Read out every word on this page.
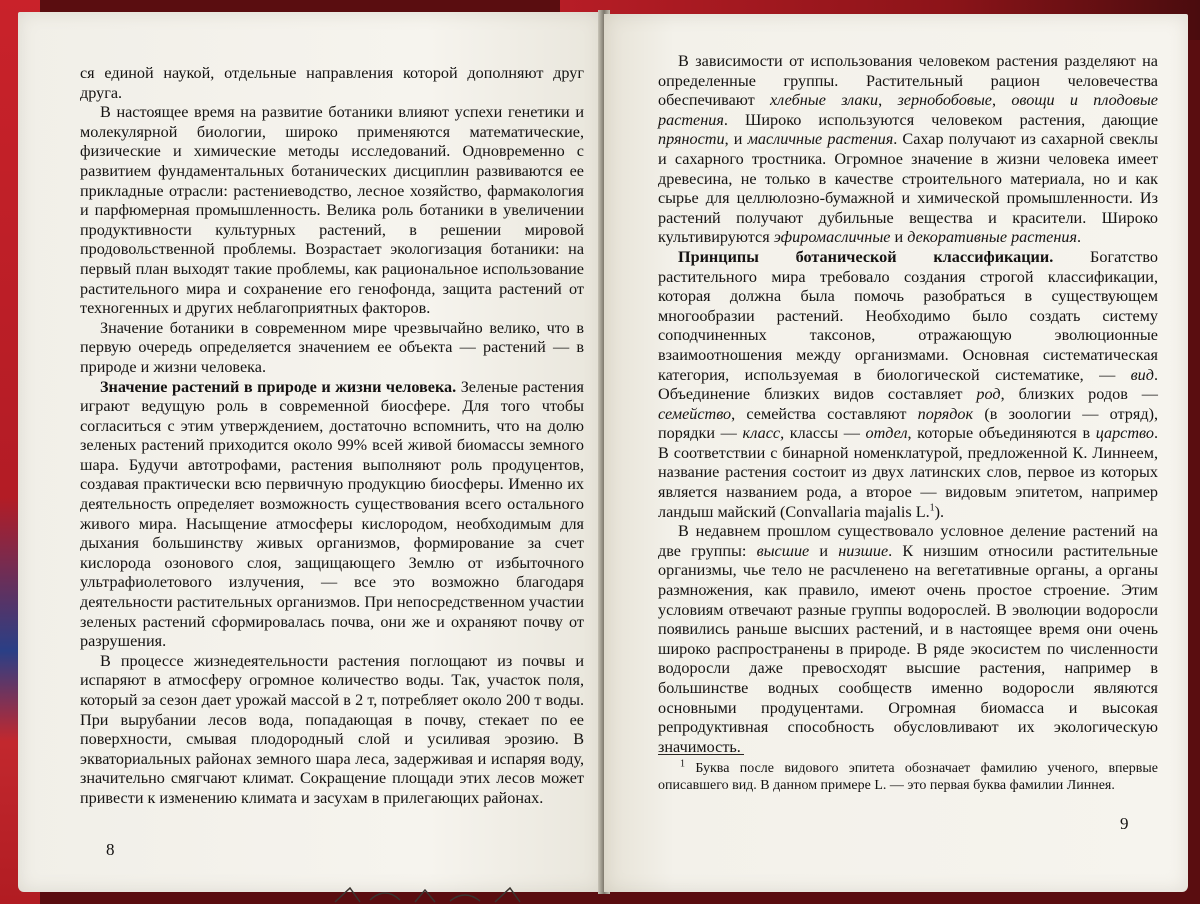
ся единой наукой, отдельные направления которой дополняют друг друга.

В настоящее время на развитие ботаники влияют успехи генетики и молекулярной биологии, широко применяются математические, физические и химические методы исследований. Одновременно с развитием фундаментальных ботанических дисциплин развиваются ее прикладные отрасли: растениеводство, лесное хозяйство, фармакология и парфюмерная промышленность. Велика роль ботаники в увеличении продуктивности культурных растений, в решении мировой продовольственной проблемы. Возрастает экологизация ботаники: на первый план выходят такие проблемы, как рациональное использование растительного мира и сохранение его генофонда, защита растений от техногенных и других неблагоприятных факторов.

Значение ботаники в современном мире чрезвычайно велико, что в первую очередь определяется значением ее объекта — растений — в природе и жизни человека.

Значение растений в природе и жизни человека. Зеленые растения играют ведущую роль в современной биосфере. Для того чтобы согласиться с этим утверждением, достаточно вспомнить, что на долю зеленых растений приходится около 99% всей живой биомассы земного шара. Будучи автотрофами, растения выполняют роль продуцентов, создавая практически всю первичную продукцию биосферы. Именно их деятельность определяет возможность существования всего остального живого мира. Насыщение атмосферы кислородом, необходимым для дыхания большинству живых организмов, формирование за счет кислорода озонового слоя, защищающего Землю от избыточного ультрафиолетового излучения, — все это возможно благодаря деятельности растительных организмов. При непосредственном участии зеленых растений сформировалась почва, они же и охраняют почву от разрушения.

В процессе жизнедеятельности растения поглощают из почвы и испаряют в атмосферу огромное количество воды. Так, участок поля, который за сезон дает урожай массой в 2 т, потребляет около 200 т воды. При вырубании лесов вода, попадающая в почву, стекает по ее поверхности, смывая плодородный слой и усиливая эрозию. В экваториальных районах земного шара леса, задерживая и испаряя воду, значительно смягчают климат. Сокращение площади этих лесов может привести к изменению климата и засухам в прилегающих районах.

8

В зависимости от использования человеком растения разделяют на определенные группы. Растительный рацион человечества обеспечивают хлебные злаки, зернобобовые, овощи и плодовые растения. Широко используются человеком растения, дающие пряности, и масличные растения. Сахар получают из сахарной свеклы и сахарного тростника. Огромное значение в жизни человека имеет древесина, не только в качестве строительного материала, но и как сырье для целлюлозно-бумажной и химической промышленности. Из растений получают дубильные вещества и красители. Широко культивируются эфиромасличные и декоративные растения.

Принципы ботанической классификации. Богатство растительного мира требовало создания строгой классификации, которая должна была помочь разобраться в существующем многообразии растений. Необходимо было создать систему соподчиненных таксонов, отражающую эволюционные взаимоотношения между организмами. Основная систематическая категория, используемая в биологической систематике, — вид. Объединение близких видов составляет род, близких родов — семейство, семейства составляют порядок (в зоологии — отряд), порядки — класс, классы — отдел, которые объединяются в царство. В соответствии с бинарной номенклатурой, предложенной К. Линнеем, название растения состоит из двух латинских слов, первое из которых является названием рода, а второе — видовым эпитетом, например ландыш майский (Convallaria majalis L.$^1$).

В недавнем прошлом существовало условное деление растений на две группы: высшие и низшие. К низшим относили растительные организмы, чье тело не расчленено на вегетативные органы, а органы размножения, как правило, имеют очень простое строение. Этим условиям отвечают разные группы водорослей. В эволюции водоросли появились раньше высших растений, и в настоящее время они очень широко распространены в природе. В ряде экосистем по численности водоросли даже превосходят высшие растения, например в большинстве водных сообществ именно водоросли являются основными продуцентами. Огромная биомасса и высокая репродуктивная способность обусловливают их экологическую значимость.

$^1$ Буква после видового эпитета обозначает фамилию ученого, впервые описавшего вид. В данном примере L. — это первая буква фамилии Линнея.

9
